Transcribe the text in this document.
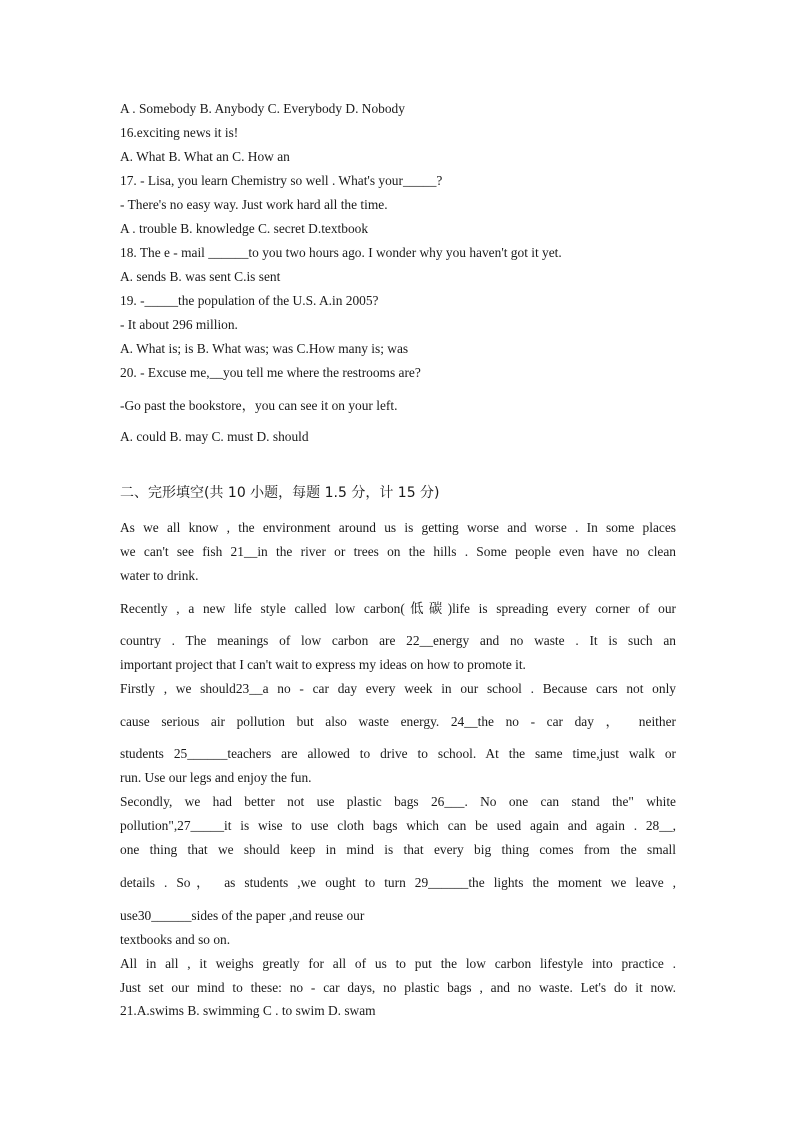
A . Somebody B. Anybody C. Everybody D. Nobody
16.exciting news it is!
A. What B. What an C. How an
17. - Lisa, you learn Chemistry so well . What's your_____?
- There's no easy way. Just work hard all the time.
A . trouble B. knowledge C. secret D.textbook
18. The e - mail ______to you two hours ago. I wonder why you haven't got it yet.
A. sends B. was sent C.is sent
19. -_____the population of the U.S. A.in 2005?
- It about 296 million.
A. What is; is B. What was; was C.How many is; was
20. - Excuse me,__you tell me where the restrooms are?
-Go past the bookstore，you can see it on your left.
A. could B. may C. must D. should
二、完形填空(共 10 小题，每题 1.5 分，计 15 分)
As we all know , the environment around us is getting worse and worse . In some places
we can't see fish 21__in the river or trees on the hills . Some people even have no clean
water to drink.
Recently , a new life style called low carbon(低碳)life is spreading every corner of our
country . The meanings of low carbon are 22__energy and no waste . It is such an
important project that I can't wait to express my ideas on how to promote it.
Firstly , we should23__a no - car day every week in our school . Because cars not only
cause serious air pollution but also waste energy. 24__the no - car day ， neither
students 25______teachers are allowed to drive to school. At the same time,just walk or
run. Use our legs and enjoy the fun.
Secondly, we had better not use plastic bags 26___. No one can stand the" white
pollution",27_____it is wise to use cloth bags which can be used again and again . 28__,
one thing that we should keep in mind is that every big thing comes from the small
details . So， as students ,we ought to turn 29______the lights the moment we leave ,
use30______sides of the paper ,and reuse our
textbooks and so on.
All in all , it weighs greatly for all of us to put the low carbon lifestyle into practice .
Just set our mind to these: no - car days, no plastic bags , and no waste. Let's do it now.
21.A.swims B. swimming C . to swim D. swam
